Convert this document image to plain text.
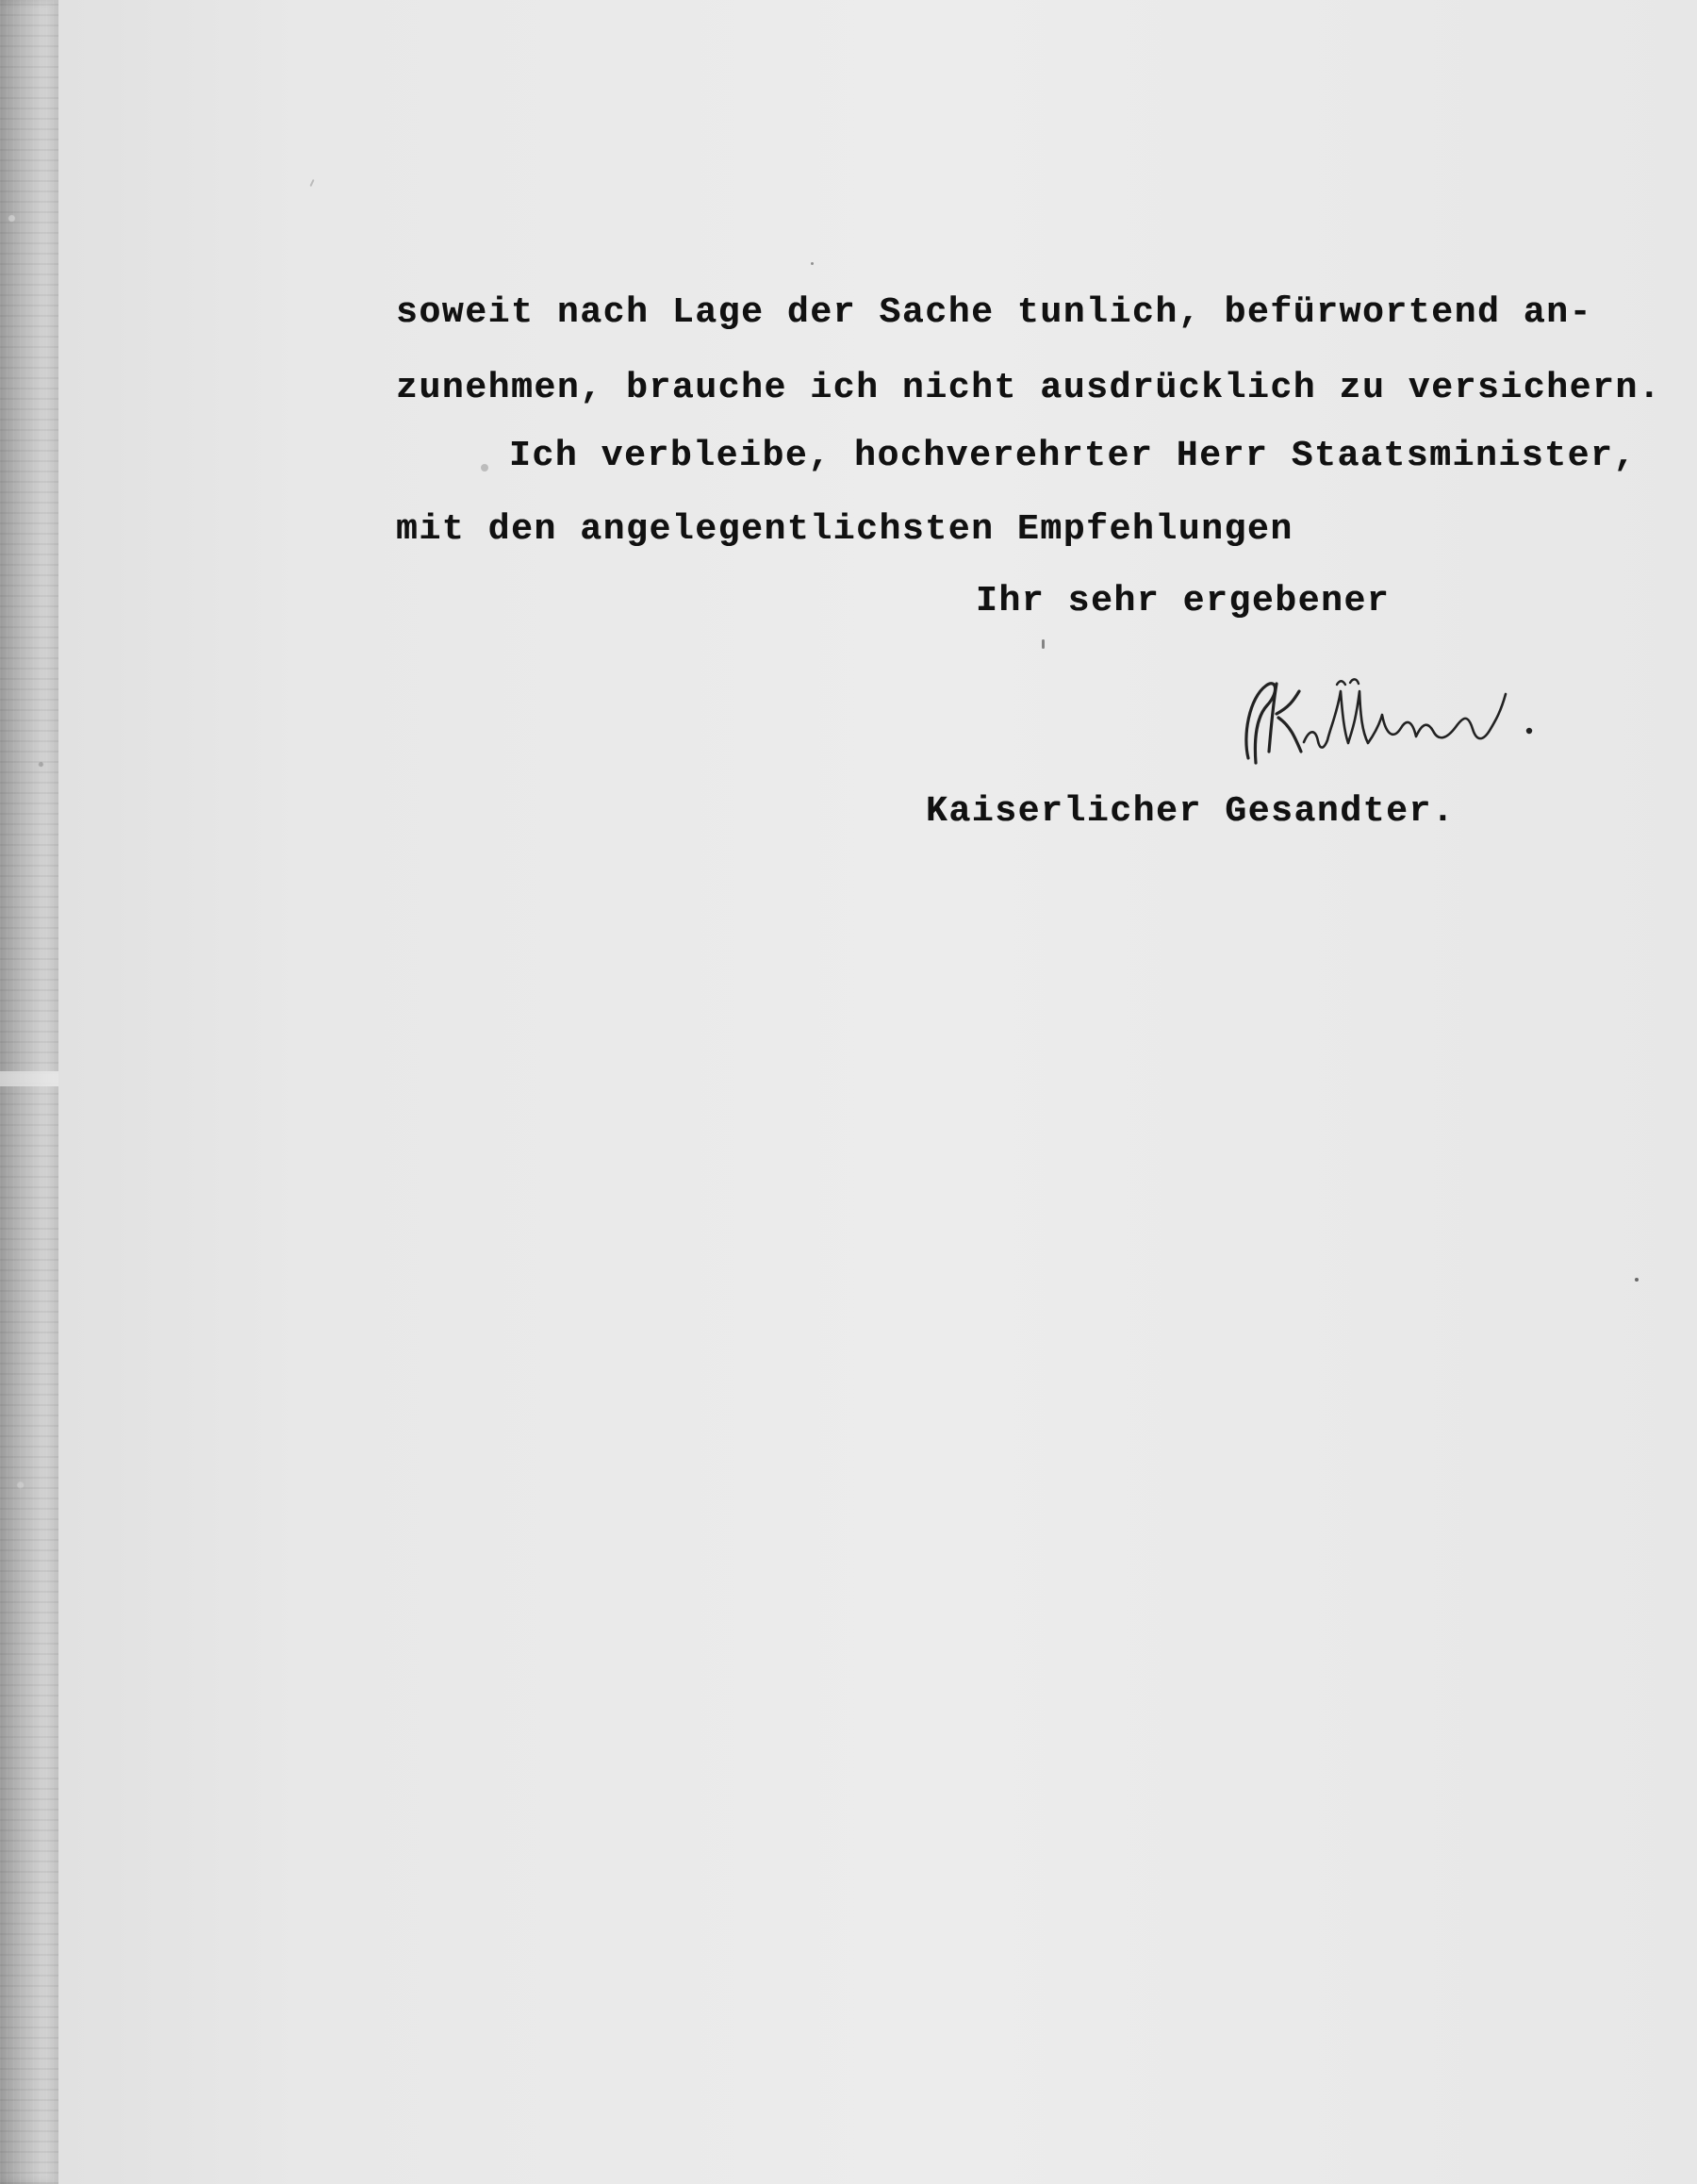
soweit nach Lage der Sache tunlich, befürwortend an-
zunehmen, brauche ich nicht ausdrücklich zu versichern.
Ich verbleibe, hochverehrter Herr Staatsminister,
mit den angelegentlichsten Empfehlungen
Ihr sehr ergebener
Kaiserlicher Gesandter.
